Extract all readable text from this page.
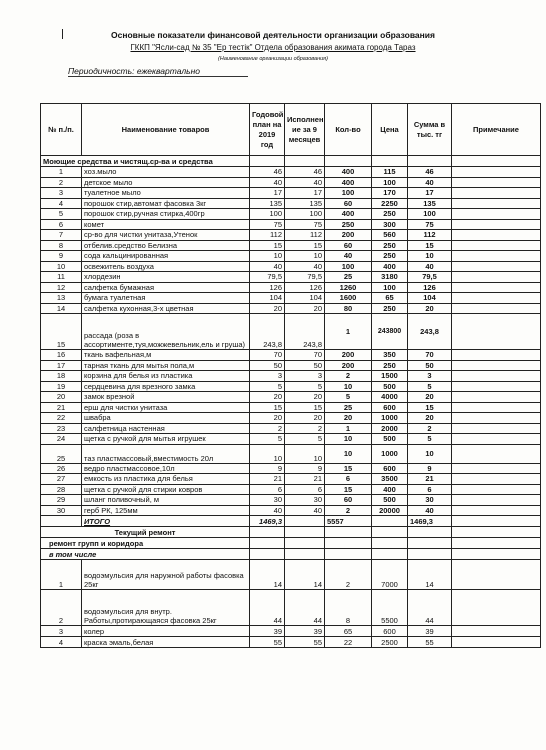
Основные показатели финансовой деятельности организации образования
ГККП "Ясли-сад № 35 "Ер тестік" Отдела образования акимата города Тараз
(Наименование организации образования)
Периодичность: ежеквартально
№ п./п.	Наименование товаров	Годовой план на 2019 год	Исполнен ие за 9 месяцев	Кол-во	Цена	Сумма в тыс. тг	Примечание
Моющие средства и чистящ.ср-ва и средства							
1	хоз.мыло	46	46	400	115	46	
2	детское мыло	40	40	400	100	40	
3	туалетное мыло	17	17	100	170	17	
4	порошок стир,автомат фасовка 3кг	135	135	60	2250	135	
5	порошок стир,ручная стирка,400гр	100	100	400	250	100	
6	комет	75	75	250	300	75	
7	ср-во для чистки унитаза,Утенок	112	112	200	560	112	
8	отбелив.средство Белизна	15	15	60	250	15	
9	сода кальцинированная	10	10	40	250	10	
10	освежитель воздуха	40	40	100	400	40	
11	хлордезин	79,5	79,5	25	3180	79,5	
12	салфетка бумажная	126	126	1260	100	126	
13	бумага туалетная	104	104	1600	65	104	
14	салфетка кухонная,3-х цветная	20	20	80	250	20	
15	рассада (роза в ассортименте,туя,можжевельник,ель и груша)	243,8	243,8	1	243800	243,8	
16	ткань вафельная,м	70	70	200	350	70	
17	тарная ткань для мытья пола,м	50	50	200	250	50	
18	корзина для белья из пластика	3	3	2	1500	3	
19	сердцевина для врезного замка	5	5	10	500	5	
20	замок врезной	20	20	5	4000	20	
21	ерш для чистки унитаза	15	15	25	600	15	
22	швабра	20	20	20	1000	20	
23	салфетница настенная	2	2	1	2000	2	
24	щетка с ручкой для мытья игрушек	5	5	10	500	5	
25	таз пластмассовый,вместимость 20л	10	10	10	1000	10	
26	ведро пластмассовое,10л	9	9	15	600	9	
27	емкость из пластика для белья	21	21	6	3500	21	
28	щетка с ручкой для стирки ковров	6	6	15	400	6	
29	шланг поливочный, м	30	30	60	500	30	
30	герб РК, 125мм	40	40	2	20000	40	
	ИТОГО	1469,3		5557		1469,3	

Текущий ремонт							

ремонт групп и коридора							

в том числе							

1	водоэмульсия для наружной работы фасовка 25кг	14	14	2	7000	14	
2	водоэмульсия для внутр. Работы,протирающаяся фасовка 25кг	44	44	8	5500	44	
3	колер	39	39	65	600	39	
4	краска эмаль,белая	55	55	22	2500	55	
